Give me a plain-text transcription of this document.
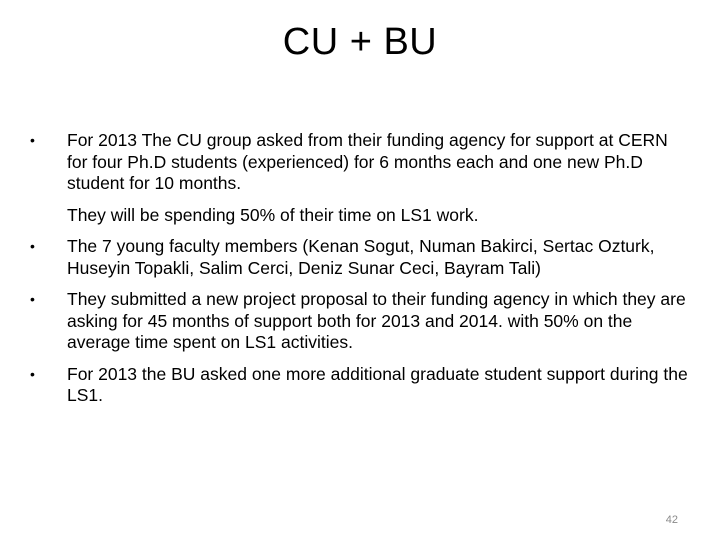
CU + BU
•	For 2013 The CU group asked from their funding agency for support at CERN for four Ph.D students (experienced) for 6 months each and one new Ph.D student for 10 months.
They will be spending 50% of their time on LS1 work.
•	The 7 young faculty members (Kenan Sogut, Numan Bakirci, Sertac Ozturk, Huseyin Topakli, Salim Cerci, Deniz Sunar Ceci, Bayram Tali)
•	They submitted a new project proposal to their funding agency in which they are asking for 45 months of support both for 2013 and 2014. with 50% on the average time spent on LS1 activities.
•	For 2013 the BU asked one more additional graduate student support during the LS1.
42
